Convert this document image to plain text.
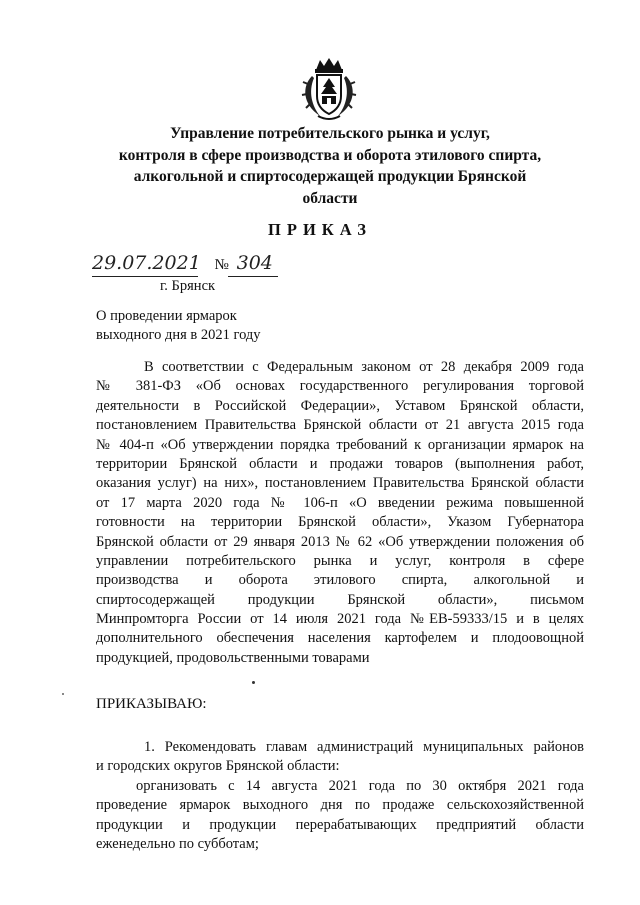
Управление потребительского рынка и услуг,
контроля в сфере производства и оборота этилового спирта,
алкогольной и спиртосодержащей продукции Брянской
области
ПРИКАЗ
29.07.2021 № 304
г. Брянск
О проведении ярмарок
выходного дня в 2021 году
В соответствии с Федеральным законом от 28 декабря 2009 года
№ 381-ФЗ «Об основах государственного регулирования торговой
деятельности в Российской Федерации», Уставом Брянской области,
постановлением Правительства Брянской области от 21 августа 2015 года
№ 404-п «Об утверждении порядка требований к организации ярмарок на
территории Брянской области и продажи товаров (выполнения работ,
оказания услуг) на них», постановлением Правительства Брянской области
от 17 марта 2020 года № 106-п «О введении режима повышенной
готовности на территории Брянской области», Указом Губернатора
Брянской области от 29 января 2013 № 62 «Об утверждении положения об
управлении потребительского рынка и услуг, контроля в сфере
производства и оборота этилового спирта, алкогольной и
спиртосодержащей продукции Брянской области», письмом
Минпромторга России от 14 июля 2021 года №ЕВ-59333/15 и в целях
дополнительного обеспечения населения картофелем и плодоовощной
продукцией, продовольственными товарами
ПРИКАЗЫВАЮ:
1. Рекомендовать главам администраций муниципальных районов
и городских округов Брянской области:
организовать с 14 августа 2021 года по 30 октября 2021 года
проведение ярмарок выходного дня по продаже сельскохозяйственной
продукции и продукции перерабатывающих предприятий области
еженедельно по субботам;
